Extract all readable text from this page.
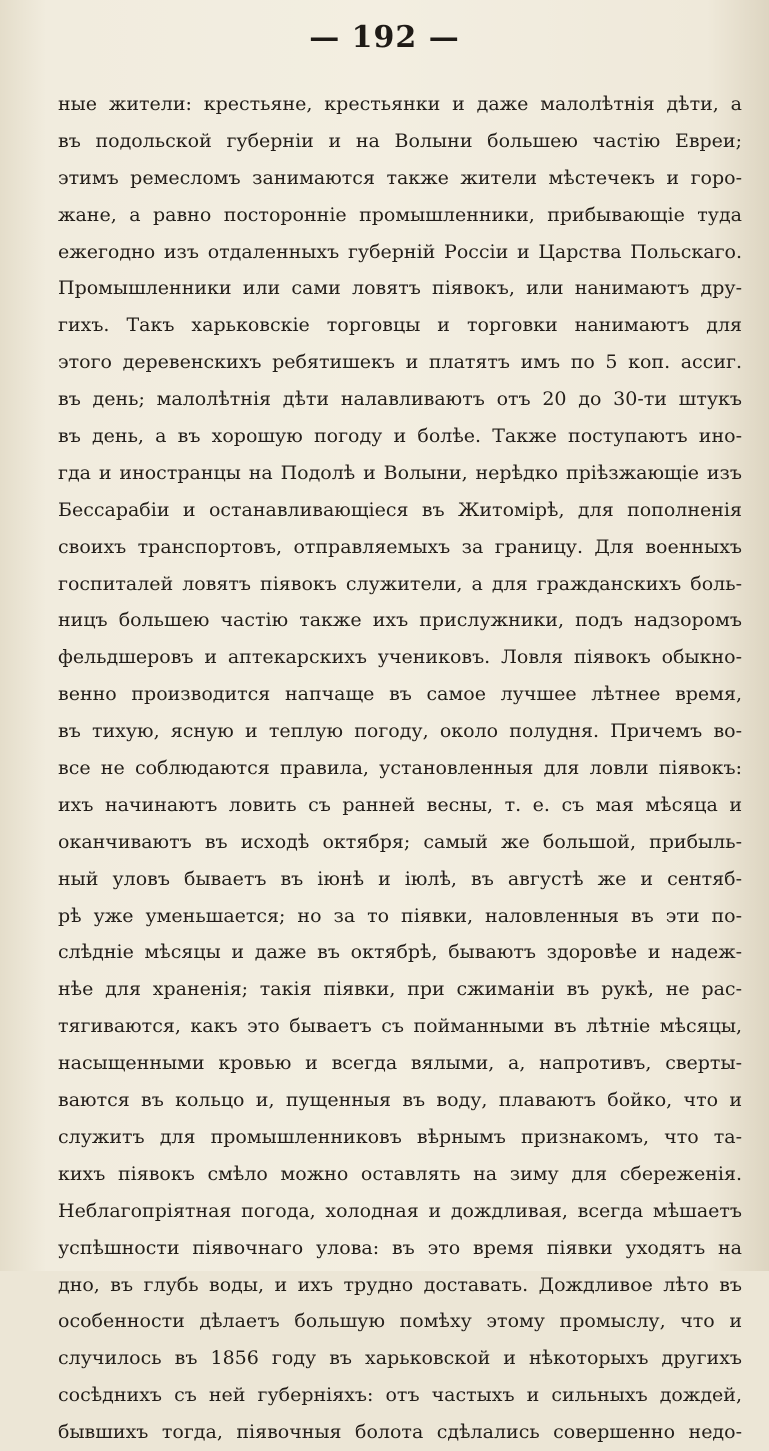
— 192 —
ные жители: крестьяне, крестьянки и даже малолѣтнія дѣти, а
въ подольской губерніи и на Волыни большею частію Евреи;
этимъ ремесломъ занимаются также жители мѣстечекъ и горо-
жане, а равно посторонніе промышленники, прибывающіе туда
ежегодно изъ отдаленныхъ губерній Россіи и Царства Польскаго.
Промышленники или сами ловятъ піявокъ, или нанимаютъ дру-
гихъ. Такъ харьковскіе торговцы и торговки нанимаютъ для
этого деревенскихъ ребятишекъ и платятъ имъ по 5 коп. ассиг.
въ день; малолѣтнія дѣти налавливаютъ отъ 20 до 30-ти штукъ
въ день, а въ хорошую погоду и болѣе. Также поступаютъ ино-
гда и иностранцы на Подолѣ и Волыни, нерѣдко пріѣзжающіе изъ
Бессарабіи и останавливающіеся въ Житомірѣ, для пополненія
своихъ транспортовъ, отправляемыхъ за границу. Для военныхъ
госпиталей ловятъ піявокъ служители, а для гражданскихъ боль-
ницъ большею частію также ихъ прислужники, подъ надзоромъ
фельдшеровъ и аптекарскихъ учениковъ. Ловля піявокъ обыкно-
венно производится напчаще въ самое лучшее лѣтнее время,
въ тихую, ясную и теплую погоду, около полудня. Причемъ во-
все не соблюдаются правила, установленныя для ловли піявокъ:
ихъ начинаютъ ловить съ ранней весны, т. е. съ мая мѣсяца и
оканчиваютъ въ исходѣ октября; самый же большой, прибыль-
ный уловъ бываетъ въ іюнѣ и іюлѣ, въ августѣ же и сентяб-
рѣ уже уменьшается; но за то піявки, наловленныя въ эти по-
слѣдніе мѣсяцы и даже въ октябрѣ, бываютъ здоровѣе и надеж-
нѣе для храненія; такія піявки, при сжиманіи въ рукѣ, не рас-
тягиваются, какъ это бываетъ съ пойманными въ лѣтніе мѣсяцы,
насыщенными кровью и всегда вялыми, а, напротивъ, сверты-
ваются въ кольцо и, пущенныя въ воду, плаваютъ бойко, что и
служитъ для промышленниковъ вѣрнымъ признакомъ, что та-
кихъ піявокъ смѣло можно оставлять на зиму для сбереженія.
Неблагопріятная погода, холодная и дождливая, всегда мѣшаетъ
успѣшности піявочнаго улова: въ это время піявки уходятъ на
дно, въ глубь воды, и ихъ трудно доставать. Дождливое лѣто въ
особенности дѣлаетъ большую помѣху этому промыслу, что и
случилось въ 1856 году въ харьковской и нѣкоторыхъ другихъ
сосѣднихъ съ ней губерніяхъ: отъ частыхъ и сильныхъ дождей,
бывшихъ тогда, піявочныя болота сдѣлались совершенно недо-
